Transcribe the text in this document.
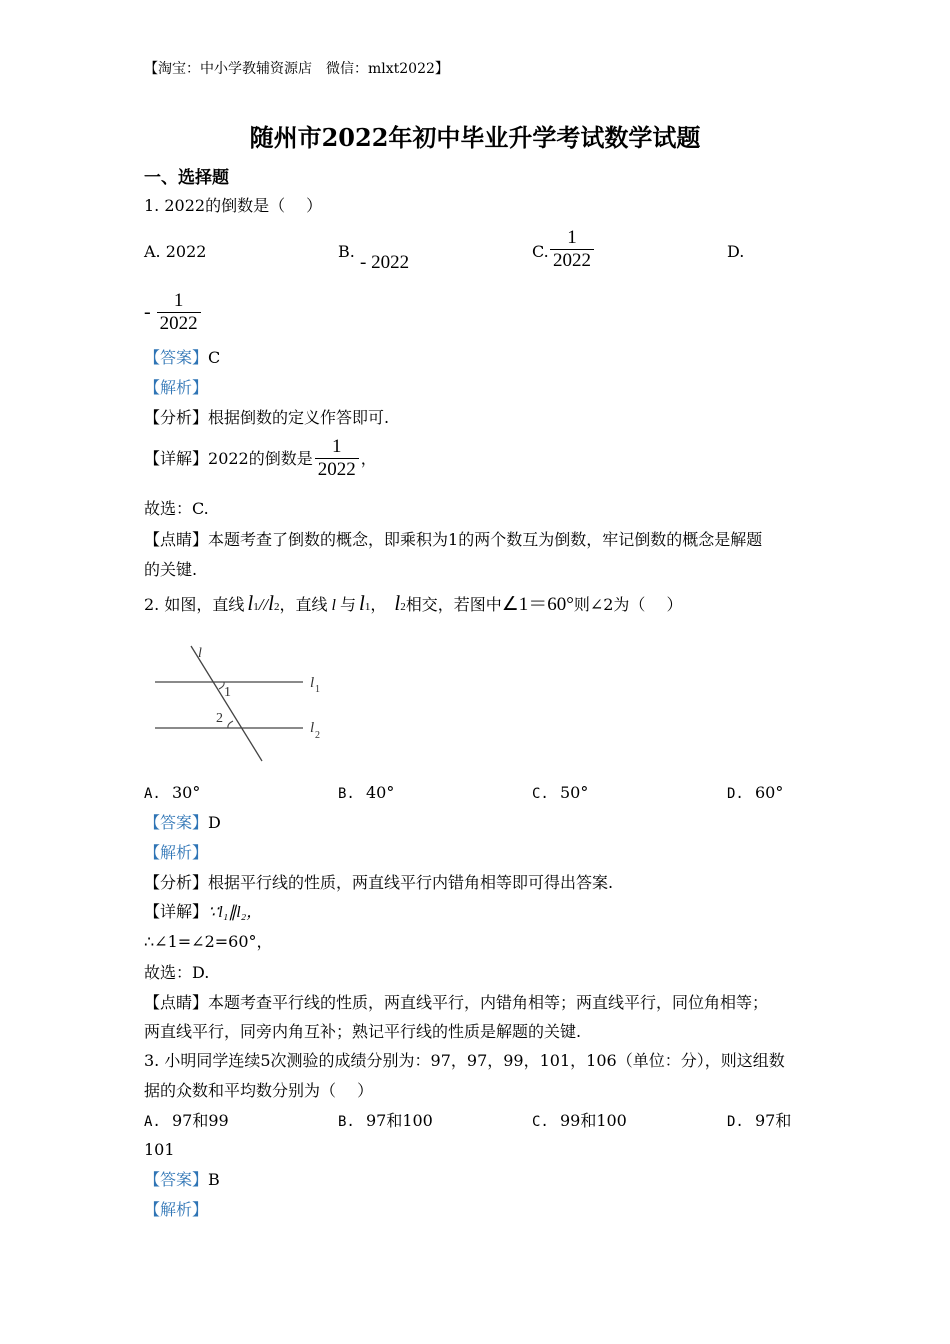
【淘宝：中小学教辅资源店　微信：mlxt2022】
随州市2022年初中毕业升学考试数学试题
一、选择题
1. 2022的倒数是（　 ）
A. 2022	B.
- 2022
C. $\frac{1}{2022}$	D.
- $\frac{1}{2022}$
【答案】C
【解析】
【分析】根据倒数的定义作答即可.
【详解】 2022的倒数是 $\frac{1}{2022}$ ，
故选：C.
【点睛】本题考查了倒数的概念，即乘积为1的两个数互为倒数，牢记倒数的概念是解题
的关键.
2. 如图，直线 $l_1 // l_2$ ，直线 l 与 $l_1$ ， $l_2$ 相交，若图中 ∠1＝60° 则∠2为（　 ）
l
1
2
l 1
l 2
A. 30°	B. 40°	C. 50°	D. 60°
【答案】D
【解析】
【分析】根据平行线的性质，两直线平行内错角相等即可得出答案.
【详解】∵l₁∥l₂，
∴∠1=∠2=60°，
故选：D.
【点睛】本题考查平行线的性质，两直线平行，内错角相等；两直线平行，同位角相等；
两直线平行，同旁内角互补；熟记平行线的性质是解题的关键.
3. 小明同学连续5次测验的成绩分别为：97，97，99，101，106（单位：分），则这组数
据的众数和平均数分别为（　 ）
A. 97和99	B. 97和100	C. 99和100	D. 97和
101
【答案】B
【解析】
